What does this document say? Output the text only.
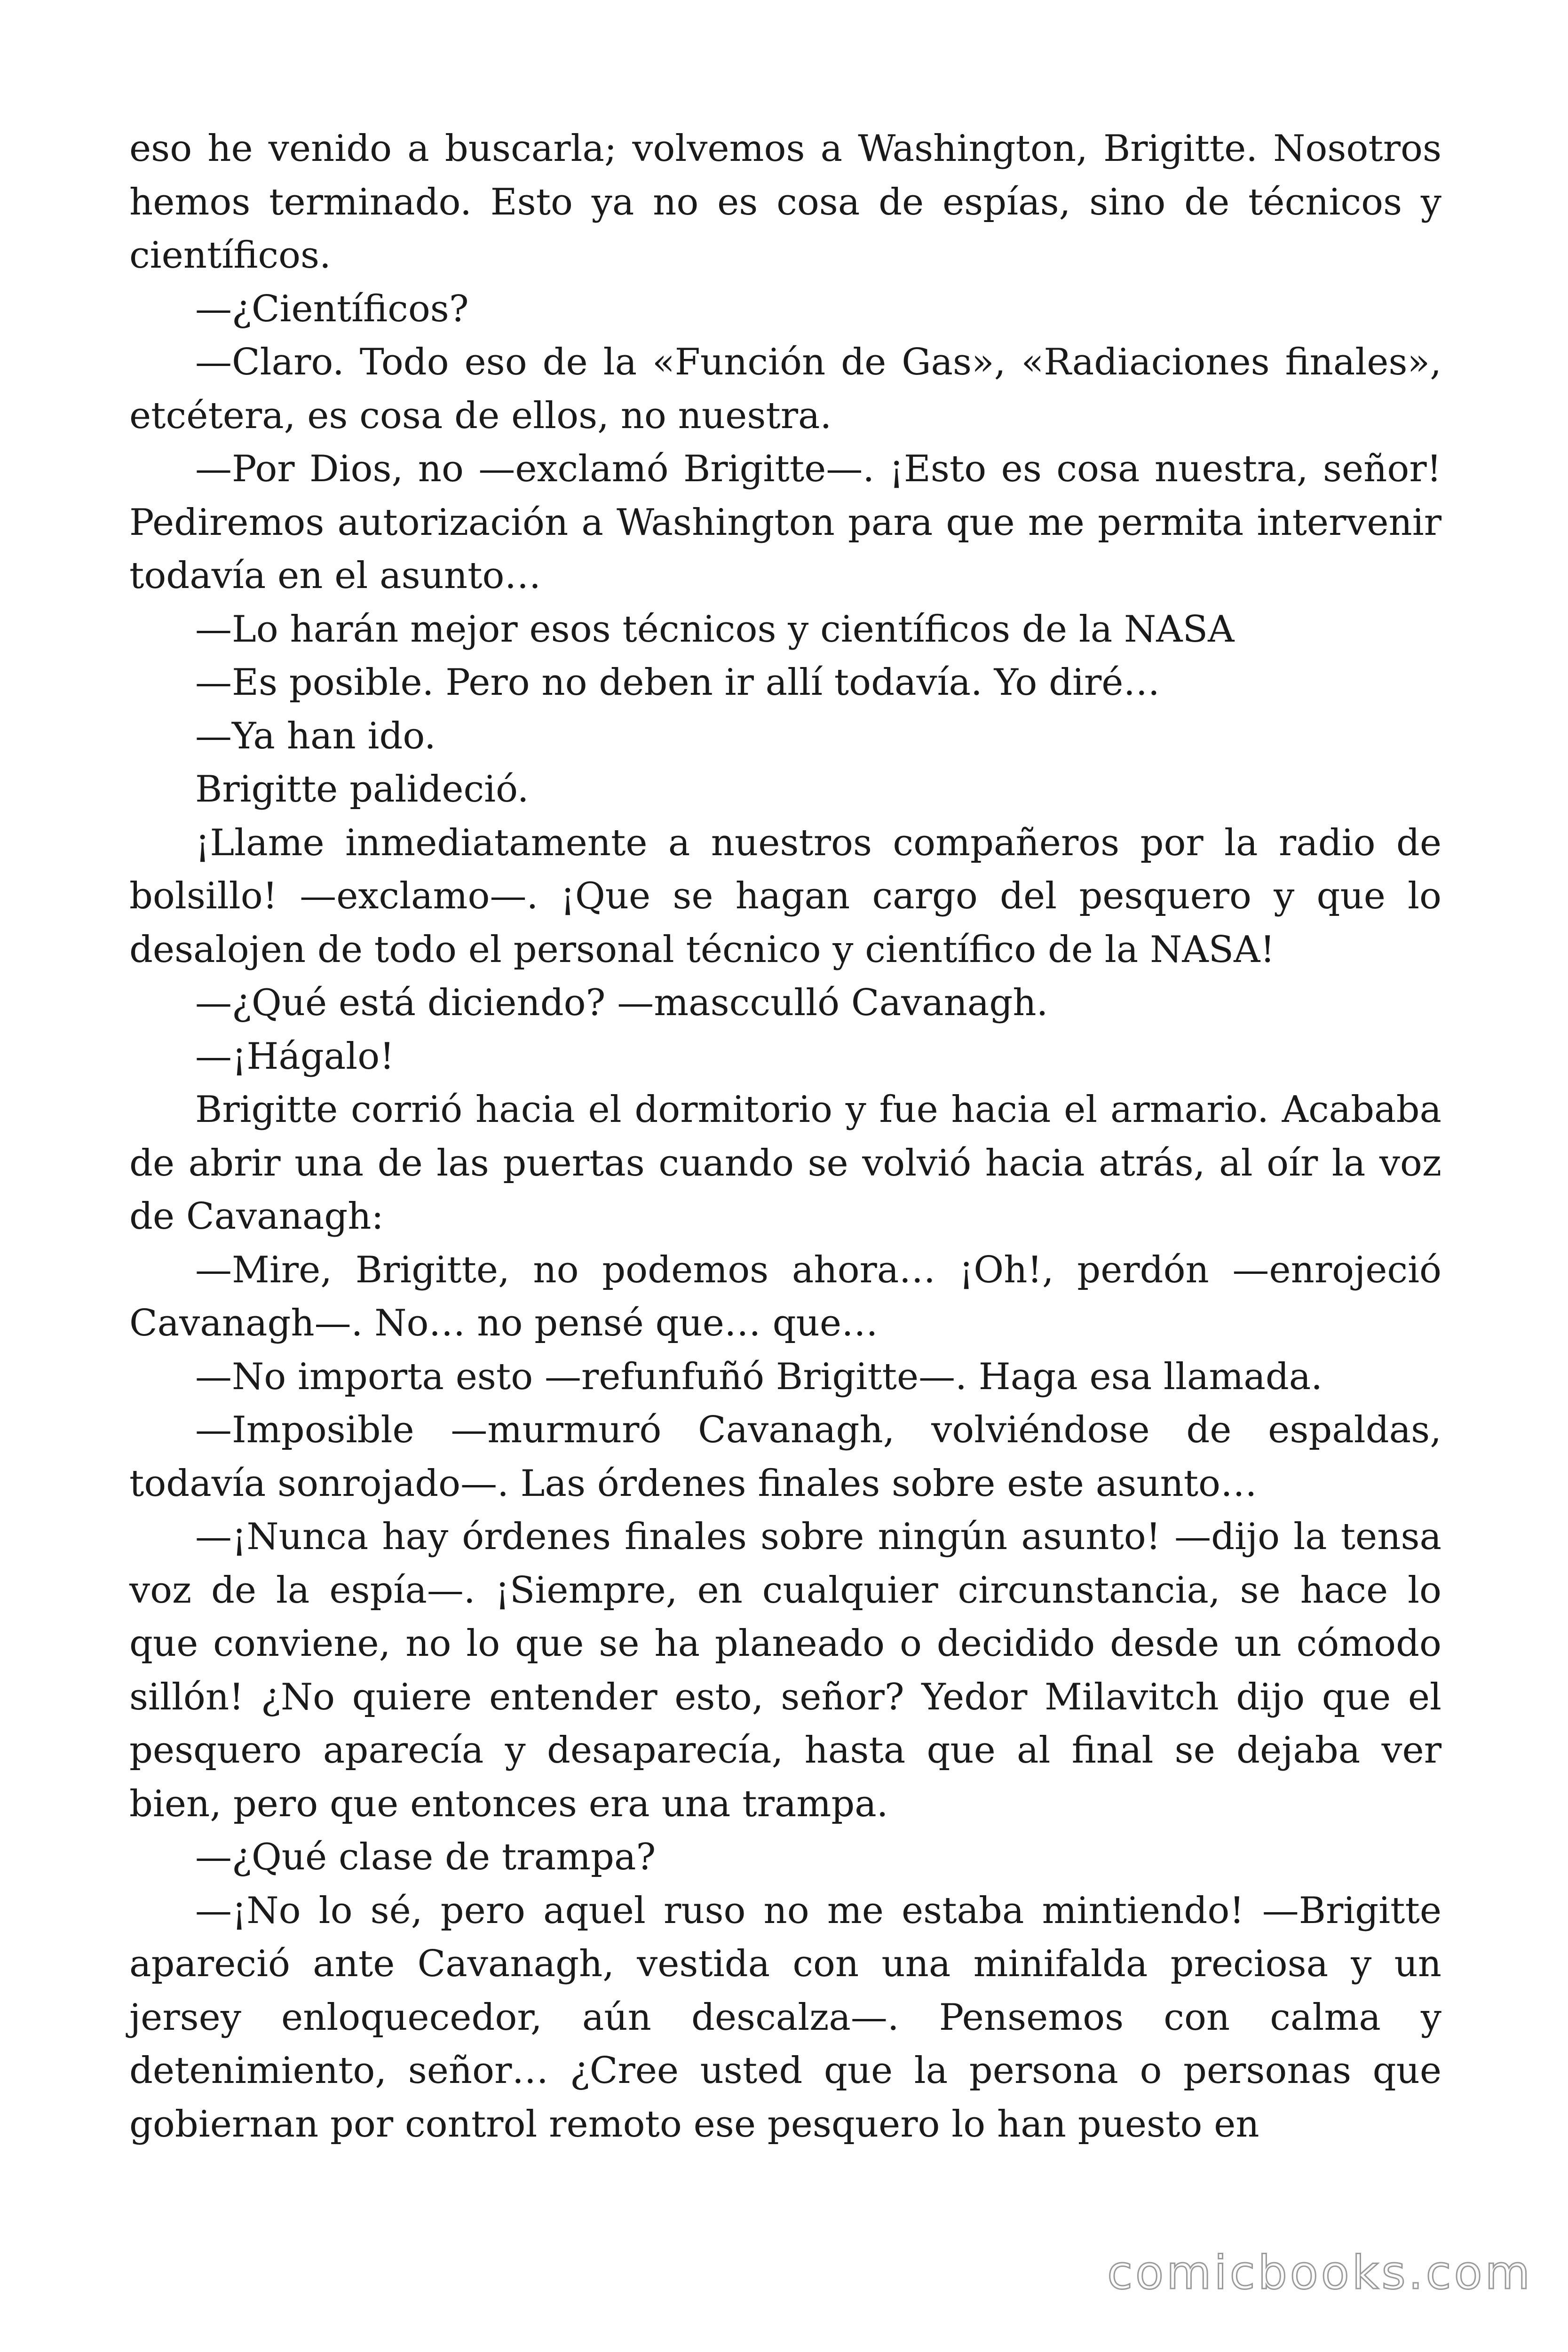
eso he venido a buscarla; volvemos a Washington, Brigitte. Nosotros hemos terminado. Esto ya no es cosa de espías, sino de técnicos y científicos.

—¿Científicos?

—Claro. Todo eso de la «Función de Gas», «Radiaciones finales», etcétera, es cosa de ellos, no nuestra.

—Por Dios, no —exclamó Brigitte—. ¡Esto es cosa nuestra, señor! Pediremos autorización a Washington para que me permita intervenir todavía en el asunto…

—Lo harán mejor esos técnicos y científicos de la NASA

—Es posible. Pero no deben ir allí todavía. Yo diré…

—Ya han ido.

Brigitte palideció.

¡Llame inmediatamente a nuestros compañeros por la radio de bolsillo! —exclamo—. ¡Que se hagan cargo del pesquero y que lo desalojen de todo el personal técnico y científico de la NASA!

—¿Qué está diciendo? —mascculló Cavanagh.

—¡Hágalo!

Brigitte corrió hacia el dormitorio y fue hacia el armario. Acababa de abrir una de las puertas cuando se volvió hacia atrás, al oír la voz de Cavanagh:

—Mire, Brigitte, no podemos ahora… ¡Oh!, perdón —enrojeció Cavanagh—. No… no pensé que… que…

—No importa esto —refunfuñó Brigitte—. Haga esa llamada.

—Imposible —murmuró Cavanagh, volviéndose de espaldas, todavía sonrojado—. Las órdenes finales sobre este asunto…

—¡Nunca hay órdenes finales sobre ningún asunto! —dijo la tensa voz de la espía—. ¡Siempre, en cualquier circunstancia, se hace lo que conviene, no lo que se ha planeado o decidido desde un cómodo sillón! ¿No quiere entender esto, señor? Yedor Milavitch dijo que el pesquero aparecía y desaparecía, hasta que al final se dejaba ver bien, pero que entonces era una trampa.

—¿Qué clase de trampa?

—¡No lo sé, pero aquel ruso no me estaba mintiendo! —Brigitte apareció ante Cavanagh, vestida con una minifalda preciosa y un jersey enloquecedor, aún descalza—. Pensemos con calma y detenimiento, señor… ¿Cree usted que la persona o personas que gobiernan por control remoto ese pesquero lo han puesto en

comicbooks.com
